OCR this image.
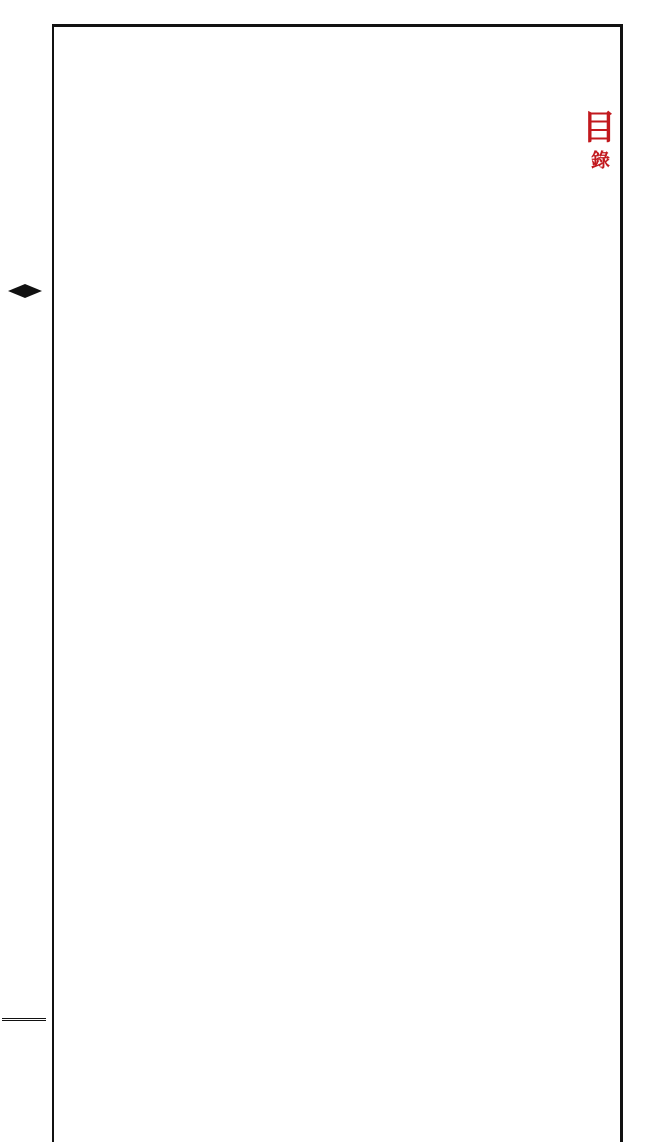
目
錄
